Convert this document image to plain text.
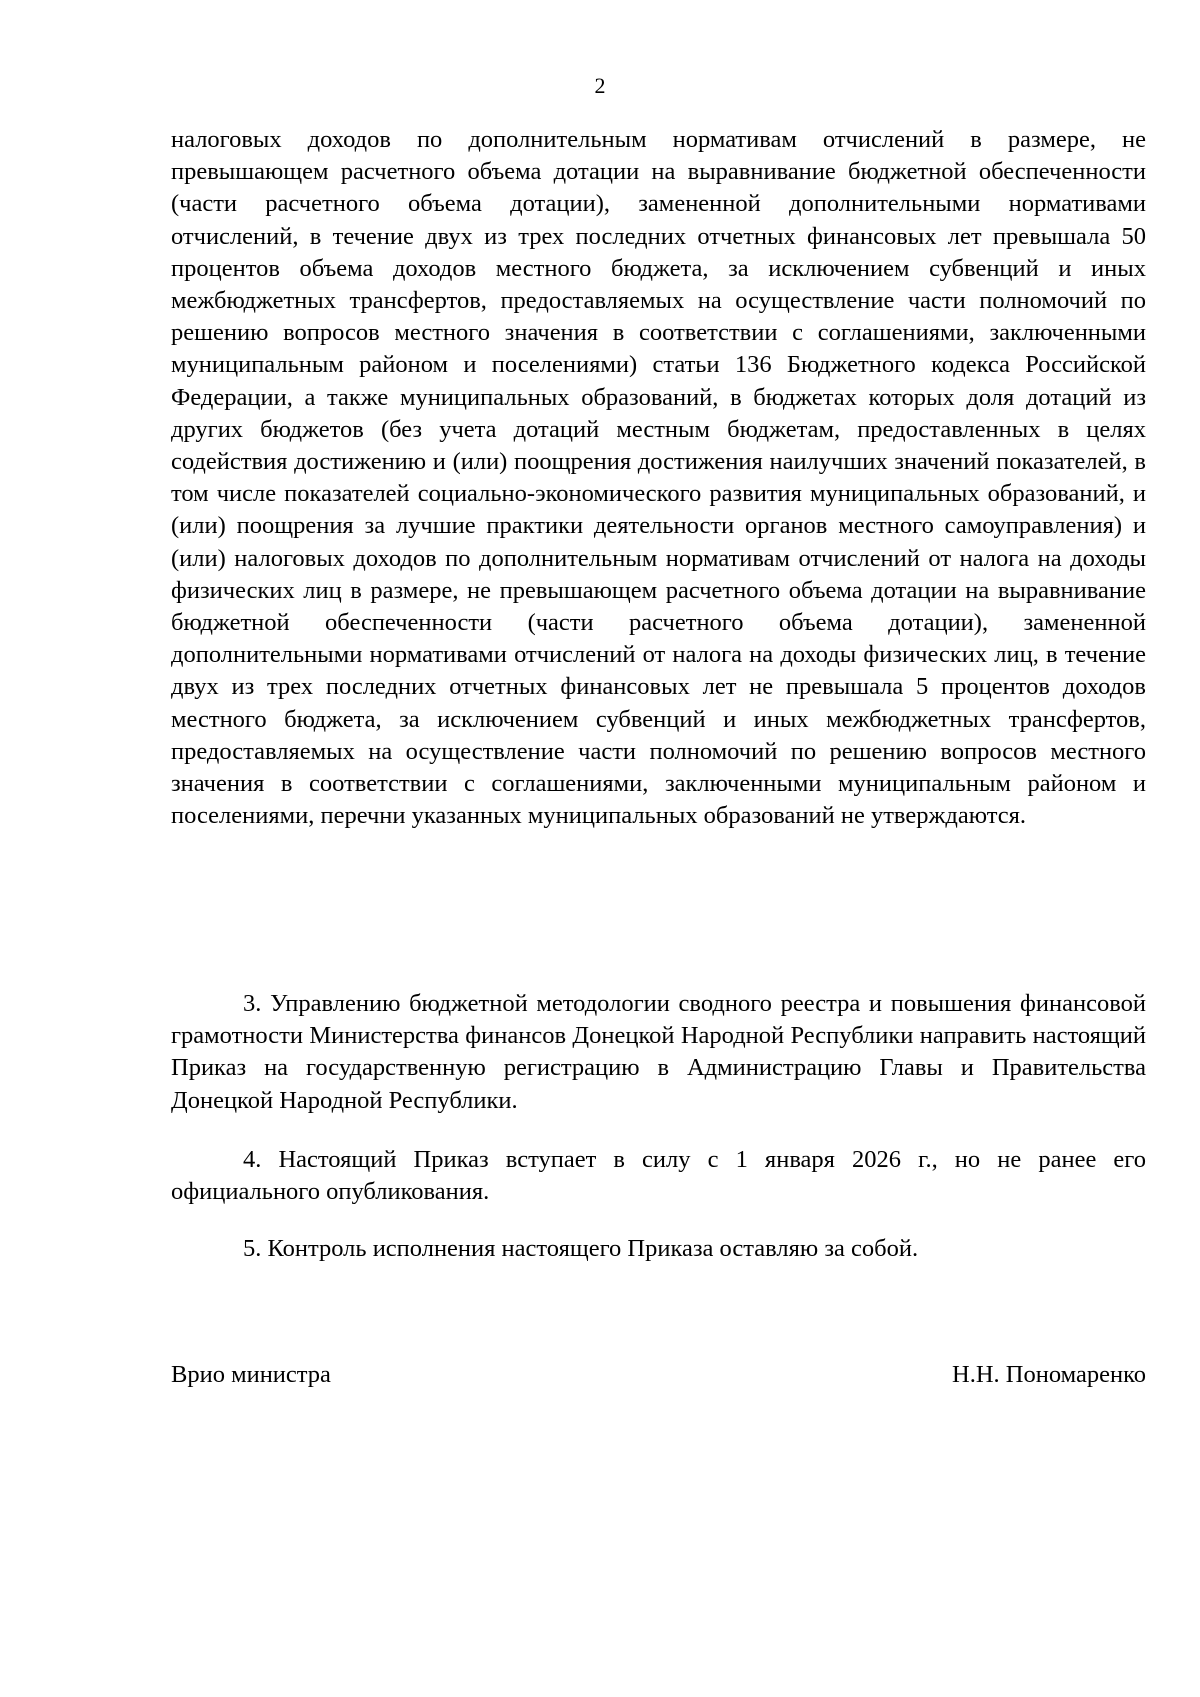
2

налоговых доходов по дополнительным нормативам отчислений в размере, не превышающем расчетного объема дотации на выравнивание бюджетной обеспеченности (части расчетного объема дотации), замененной дополнительными нормативами отчислений, в течение двух из трех последних отчетных финансовых лет превышала 50 процентов объема доходов местного бюджета, за исключением субвенций и иных межбюджетных трансфертов, предоставляемых на осуществление части полномочий по решению вопросов местного значения в соответствии с соглашениями, заключенными муниципальным районом и поселениями) статьи 136 Бюджетного кодекса Российской Федерации, а также муниципальных образований, в бюджетах которых доля дотаций из других бюджетов (без учета дотаций местным бюджетам, предоставленных в целях содействия достижению и (или) поощрения достижения наилучших значений показателей, в том числе показателей социально-экономического развития муниципальных образований, и (или) поощрения за лучшие практики деятельности органов местного самоуправления) и (или) налоговых доходов по дополнительным нормативам отчислений от налога на доходы физических лиц в размере, не превышающем расчетного объема дотации на выравнивание бюджетной обеспеченности (части расчетного объема дотации), замененной дополнительными нормативами отчислений от налога на доходы физических лиц, в течение двух из трех последних отчетных финансовых лет не превышала 5 процентов доходов местного бюджета, за исключением субвенций и иных межбюджетных трансфертов, предоставляемых на осуществление части полномочий по решению вопросов местного значения в соответствии с соглашениями, заключенными муниципальным районом и поселениями, перечни указанных муниципальных образований не утверждаются.

3. Управлению бюджетной методологии сводного реестра и повышения финансовой грамотности Министерства финансов Донецкой Народной Республики направить настоящий Приказ на государственную регистрацию в Администрацию Главы и Правительства Донецкой Народной Республики.

4. Настоящий Приказ вступает в силу с 1 января 2026 г., но не ранее его официального опубликования.

5. Контроль исполнения настоящего Приказа оставляю за собой.

Врио министра	Н.Н. Пономаренко
